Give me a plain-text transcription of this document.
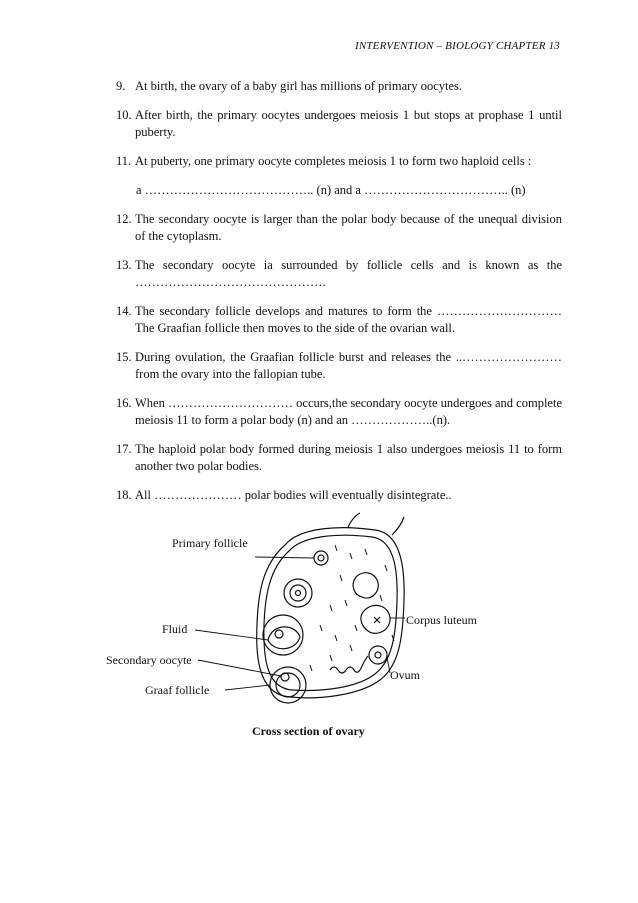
INTERVENTION – BIOLOGY CHAPTER 13
9. At birth, the ovary of a baby girl has millions of primary oocytes.
10. After birth, the primary oocytes undergoes meiosis 1 but stops at prophase 1 until puberty.
11. At puberty, one primary oocyte completes meiosis 1 to form two haploid cells :
a ………………………………….. (n) and a …………………………….. (n)
12. The secondary oocyte is larger than the polar body because of the unequal division of the cytoplasm.
13. The secondary oocyte ia surrounded by follicle cells and is known as the ……………………………………….
14. The secondary follicle develops and matures to form the ………………………… The Graafian follicle then moves to the side of the ovarian wall.
15. During ovulation, the Graafian follicle burst and releases the ..…………………… from the ovary into the fallopian tube.
16. When ………………………… occurs,the secondary oocyte undergoes and complete meiosis 11 to form a polar body (n) and an ………………..(n).
17. The haploid polar body formed during meiosis 1 also undergoes meiosis 11 to form another two polar bodies.
18. All ………………… polar bodies will eventually disintegrate..
Primary follicle
Fluid
Secondary oocyte
Graaf follicle
Corpus luteum
Ovum
Cross section of ovary
